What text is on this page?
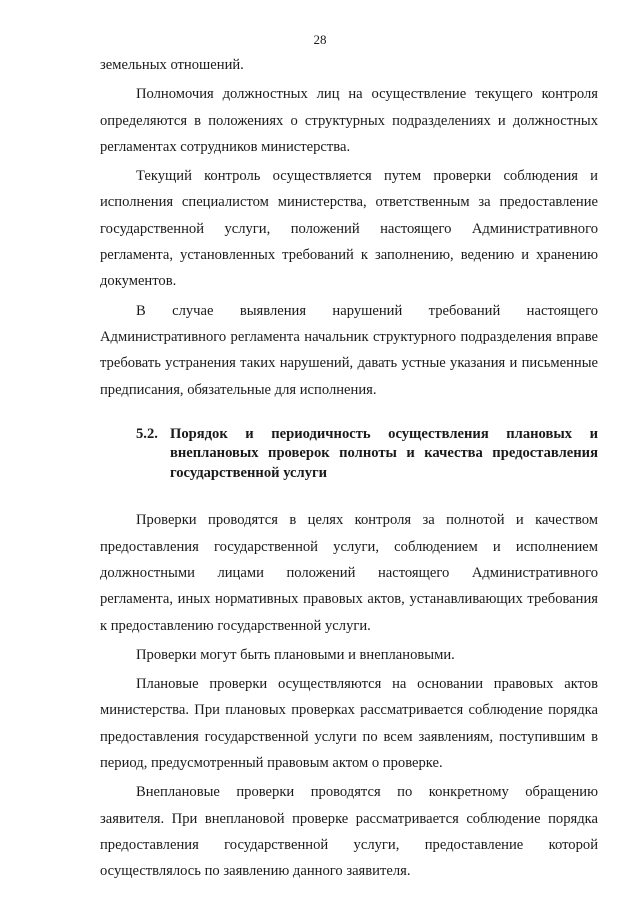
28

земельных отношений.

Полномочия должностных лиц на осуществление текущего контроля определяются в положениях о структурных подразделениях и должностных регламентах сотрудников министерства.

Текущий контроль осуществляется путем проверки соблюдения и исполнения специалистом министерства, ответственным за предоставление государственной услуги, положений настоящего Административного регламента, установленных требований к заполнению, ведению и хранению документов.

В случае выявления нарушений требований настоящего Административного регламента начальник структурного подразделения вправе требовать устранения таких нарушений, давать устные указания и письменные предписания, обязательные для исполнения.

5.2. Порядок и периодичность осуществления плановых и внеплановых проверок полноты и качества предоставления государственной услуги

Проверки проводятся в целях контроля за полнотой и качеством предоставления государственной услуги, соблюдением и исполнением должностными лицами положений настоящего Административного регламента, иных нормативных правовых актов, устанавливающих требования к предоставлению государственной услуги.

Проверки могут быть плановыми и внеплановыми.

Плановые проверки осуществляются на основании правовых актов министерства. При плановых проверках рассматривается соблюдение порядка предоставления государственной услуги по всем заявлениям, поступившим в период, предусмотренный правовым актом о проверке.

Внеплановые проверки проводятся по конкретному обращению заявителя. При внеплановой проверке рассматривается соблюдение порядка предоставления государственной услуги, предоставление которой осуществлялось по заявлению данного заявителя.
